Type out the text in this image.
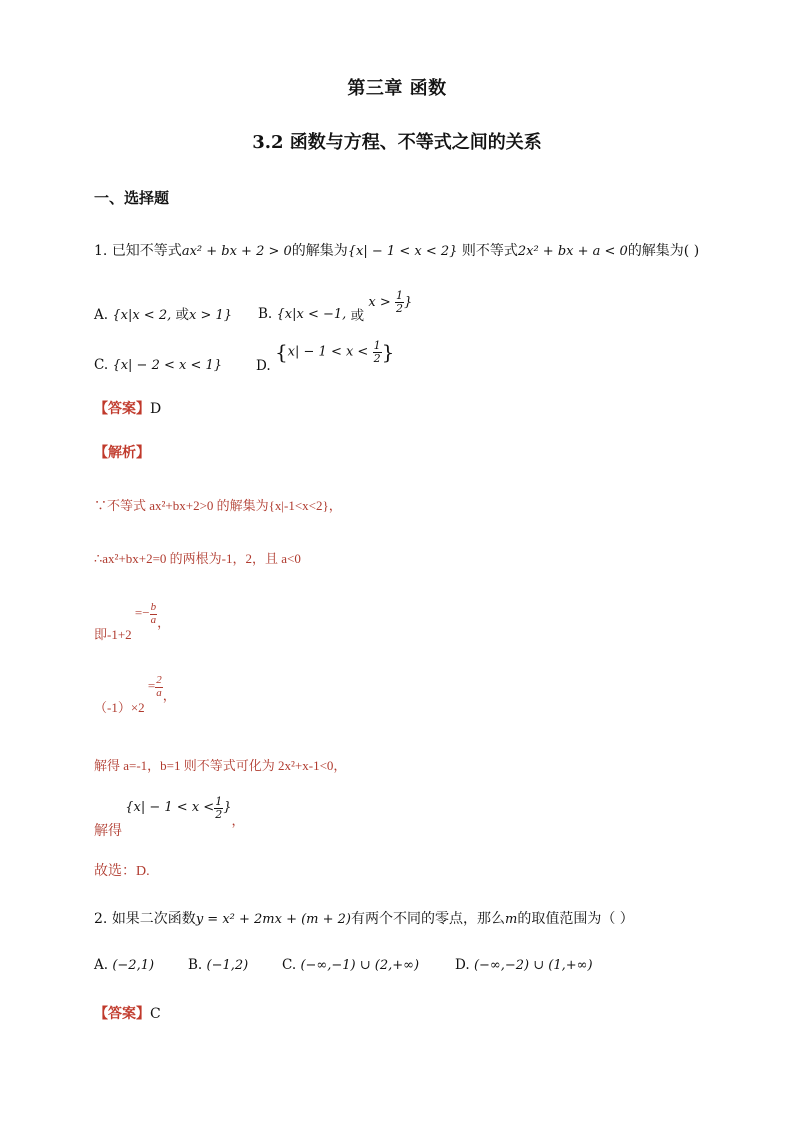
第三章 函数
3.2 函数与方程、不等式之间的关系
一、选择题
1. 已知不等式ax² + bx + 2 > 0的解集为{x| − 1 < x < 2} 则不等式2x² + bx + a < 0的解集为( )
A. {x|x < 2, 或x > 1} B. {x|x < −1, 或 $x > \frac{1}{2}$ }
C. {x| − 2 < x < 1}	D. {$x| - 1 < x < \frac{1}{2}$ }
【答案】D
【解析】
∵不等式 ax²+bx+2>0 的解集为{x|-1<x<2}，
∴ax²+bx+2=0 的两根为-1，2，且 a<0
即$-1+2 =- \frac{b}{a}$ ，
$(-1)\times 2 = \frac{2}{a}$ ，
解得 a=-1，b=1 则不等式可化为 2x²+x-1<0，
解得 {$x| - 1 < x < \frac{1}{2}$ }，
故选：D.
2. 如果二次函数y = x² + 2mx + (m + 2)有两个不同的零点，那么m的取值范围为（ ）
A. (−2,1)	B. (−1,2)	C. (−∞,−1) ∪ (2,+∞)	D. (−∞,−2) ∪ (1,+∞)
【答案】C
